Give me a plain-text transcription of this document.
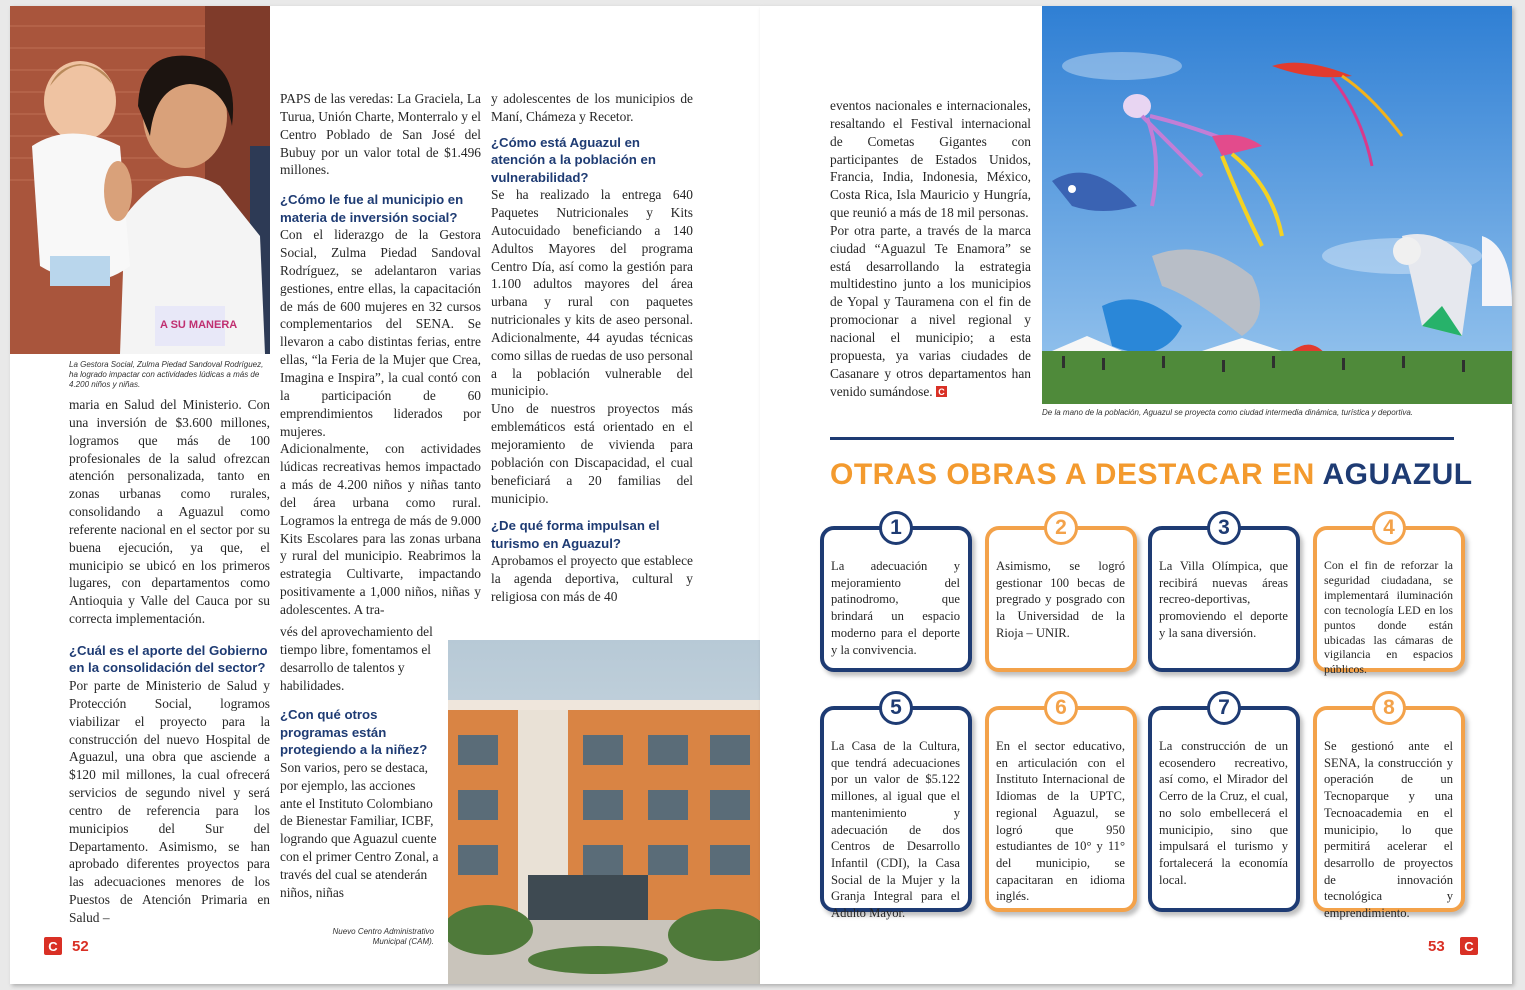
A SU MANERA
La Gestora Social, Zulma Piedad Sandoval Rodríguez, ha logrado impactar con actividades lúdicas a más de 4.200 niños y niñas.

maria en Salud del Ministerio. Con una inversión de $3.600 millones, logramos que más de 100 profesionales de la salud ofrezcan atención personalizada, tanto en zonas urbanas como rurales, consolidando a Aguazul como referente nacional en el sector por su buena ejecución, ya que, el municipio se ubicó en los primeros lugares, con departamentos como Antioquia y Valle del Cauca por su correcta implementación.

¿Cuál es el aporte del Gobierno en la consolidación del sector?

Por parte de Ministerio de Salud y Protección Social, logramos viabilizar el proyecto para la construcción del nuevo Hospital de Aguazul, una obra que asciende a $120 mil millones, la cual ofrecerá servicios de segundo nivel y será centro de referencia para los municipios del Sur del Departamento. Asimismo, se han aprobado diferentes proyectos para las adecuaciones menores de los Puestos de Atención Primaria en Salud –

PAPS de las veredas: La Graciela, La Turua, Unión Charte, Monterralo y el Centro Poblado de San José del Bubuy por un valor total de $1.496 millones.

¿Cómo le fue al municipio en materia de inversión social?

Con el liderazgo de la Gestora Social, Zulma Piedad Sandoval Rodríguez, se adelantaron varias gestiones, entre ellas, la capacitación de más de 600 mujeres en 32 cursos complementarios del SENA. Se llevaron a cabo distintas ferias, entre ellas, “la Feria de la Mujer que Crea, Imagina e Inspira”, la cual contó con la participación de 60 emprendimientos liderados por mujeres.

Adicionalmente, con actividades lúdicas recreativas hemos impactado a más de 4.200 niños y niñas tanto del área urbana como rural. Logramos la entrega de más de 9.000 Kits Escolares para las zonas urbana y rural del municipio. Reabrimos la estrategia Cultivarte, impactando positivamente a 1,000 niños, niñas y adolescentes. A tra-

vés del aprovechamiento del tiempo libre, fomentamos el desarrollo de talentos y habilidades.

¿Con qué otros programas están protegiendo a la niñez?

Son varios, pero se destaca, por ejemplo, las acciones ante el Instituto Colombiano de Bienestar Familiar, ICBF, logrando que Aguazul cuente con el primer Centro Zonal, a través del cual se atenderán niños, niñas

y adolescentes de los municipios de Maní, Chámeza y Recetor.

¿Cómo está Aguazul en atención a la población en vulnerabilidad?

Se ha realizado la entrega 640 Paquetes Nutricionales y Kits Autocuidado beneficiando a 140 Adultos Mayores del programa Centro Día, así como la gestión para 1.100 adultos mayores del área urbana y rural con paquetes nutricionales y kits de aseo personal. Adicionalmente, 44 ayudas técnicas como sillas de ruedas de uso personal a la población vulnerable del municipio.

Uno de nuestros proyectos más emblemáticos está orientado en el mejoramiento de vivienda para población con Discapacidad, el cual beneficiará a 20 familias del municipio.

¿De qué forma impulsan el turismo en Aguazul?

Aprobamos el proyecto que establece la agenda deportiva, cultural y religiosa con más de 40

Nuevo Centro Administrativo Municipal (CAM).
C 52

eventos nacionales e internacionales, resaltando el Festival internacional de Cometas Gigantes con participantes de Estados Unidos, Francia, India, Indonesia, México, Costa Rica, Isla Mauricio y Hungría, que reunió a más de 18 mil personas.

Por otra parte, a través de la marca ciudad “Aguazul Te Enamora” se está desarrollando la estrategia multidestino junto a los municipios de Yopal y Tauramena con el fin de promocionar a nivel regional y nacional el municipio; a esta propuesta, ya varias ciudades de Casanare y otros departamentos han venido sumándose. C

De la mano de la población, Aguazul se proyecta como ciudad intermedia dinámica, turística y deportiva.
OTRAS OBRAS A DESTACAR EN AGUAZUL
1
La adecuación y mejoramiento del patinodromo, que brindará un espacio moderno para el deporte y la convivencia.
2
Asimismo, se logró gestionar 100 becas de pregrado y posgrado con la Universidad de la Rioja – UNIR.
3
La Villa Olímpica, que recibirá nuevas áreas recreo-deportivas, promoviendo el deporte y la sana diversión.
4
Con el fin de reforzar la seguridad ciudadana, se implementará iluminación con tecnología LED en los puntos donde están ubicadas las cámaras de vigilancia en espacios públicos.
5
La Casa de la Cultura, que tendrá adecuaciones por un valor de $5.122 millones, al igual que el mantenimiento y adecuación de dos Centros de Desarrollo Infantil (CDI), la Casa Social de la Mujer y la Granja Integral para el Adulto Mayor.
6
En el sector educativo, en articulación con el Instituto Internacional de Idiomas de la UPTC, regional Aguazul, se logró que 950 estudiantes de 10° y 11° del municipio, se capacitaran en idioma inglés.
7
La construcción de un ecosendero recreativo, así como, el Mirador del Cerro de la Cruz, el cual, no solo embellecerá el municipio, sino que impulsará el turismo y fortalecerá la economía local.
8
Se gestionó ante el SENA, la construcción y operación de un Tecnoparque y una Tecnoacademia en el municipio, lo que permitirá acelerar el desarrollo de proyectos de innovación tecnológica y emprendimiento.
53 C
